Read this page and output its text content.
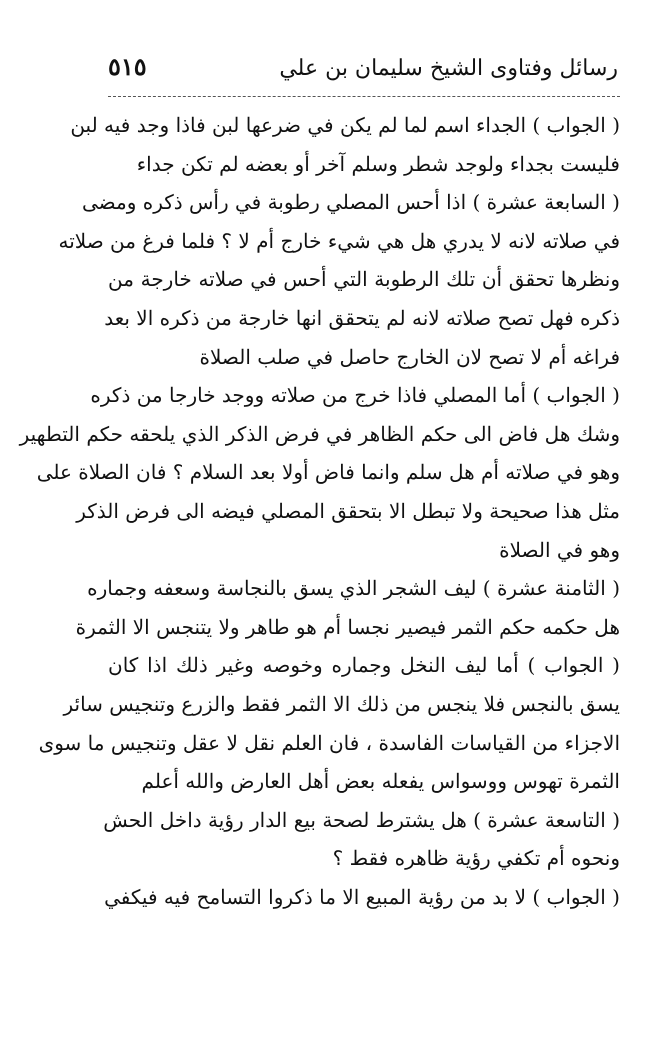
رسائل وفتاوى الشيخ سليمان بن علي
٥١٥
( الجواب ) الجداء اسم لما لم يكن في ضرعها لبن فاذا وجد فيه لبن
فليست بجداء ولوجد شطر وسلم آخر أو بعضه لم تكن جداء
( السابعة عشرة ) اذا أحس المصلي رطوبة في رأس ذكره ومضى
في صلاته لانه لا يدري هل هي شيء خارج أم لا ؟ فلما فرغ من صلاته
ونظرها تحقق أن تلك الرطوبة التي أحس في صلاته خارجة من
ذكره فهل تصح صلاته لانه لم يتحقق انها خارجة من ذكره الا بعد
فراغه أم لا تصح لان الخارج حاصل في صلب الصلاة
( الجواب ) أما المصلي فاذا خرج من صلاته ووجد خارجا من ذكره
وشك هل فاض الى حكم الظاهر في فرض الذكر الذي يلحقه حكم التطهير
وهو في صلاته أم هل سلم وانما فاض أولا بعد السلام ؟ فان الصلاة على
مثل هذا صحيحة ولا تبطل الا بتحقق المصلي فيضه الى فرض الذكر
وهو في الصلاة
( الثامنة عشرة ) ليف الشجر الذي يسق بالنجاسة وسعفه وجماره
هل حكمه حكم الثمر فيصير نجسا أم هو طاهر ولا يتنجس الا الثمرة
( الجواب ) أما ليف النخل وجماره وخوصه وغير ذلك اذا كان
يسق بالنجس فلا ينجس من ذلك الا الثمر فقط والزرع وتنجيس سائر
الاجزاء من القياسات الفاسدة ، فان العلم نقل لا عقل وتنجيس ما سوى
الثمرة تهوس ووسواس يفعله بعض أهل العارض والله أعلم
( التاسعة عشرة ) هل يشترط لصحة بيع الدار رؤية داخل الحش
ونحوه أم تكفي رؤية ظاهره فقط ؟
( الجواب ) لا بد من رؤية المبيع الا ما ذكروا التسامح فيه فيكفي
